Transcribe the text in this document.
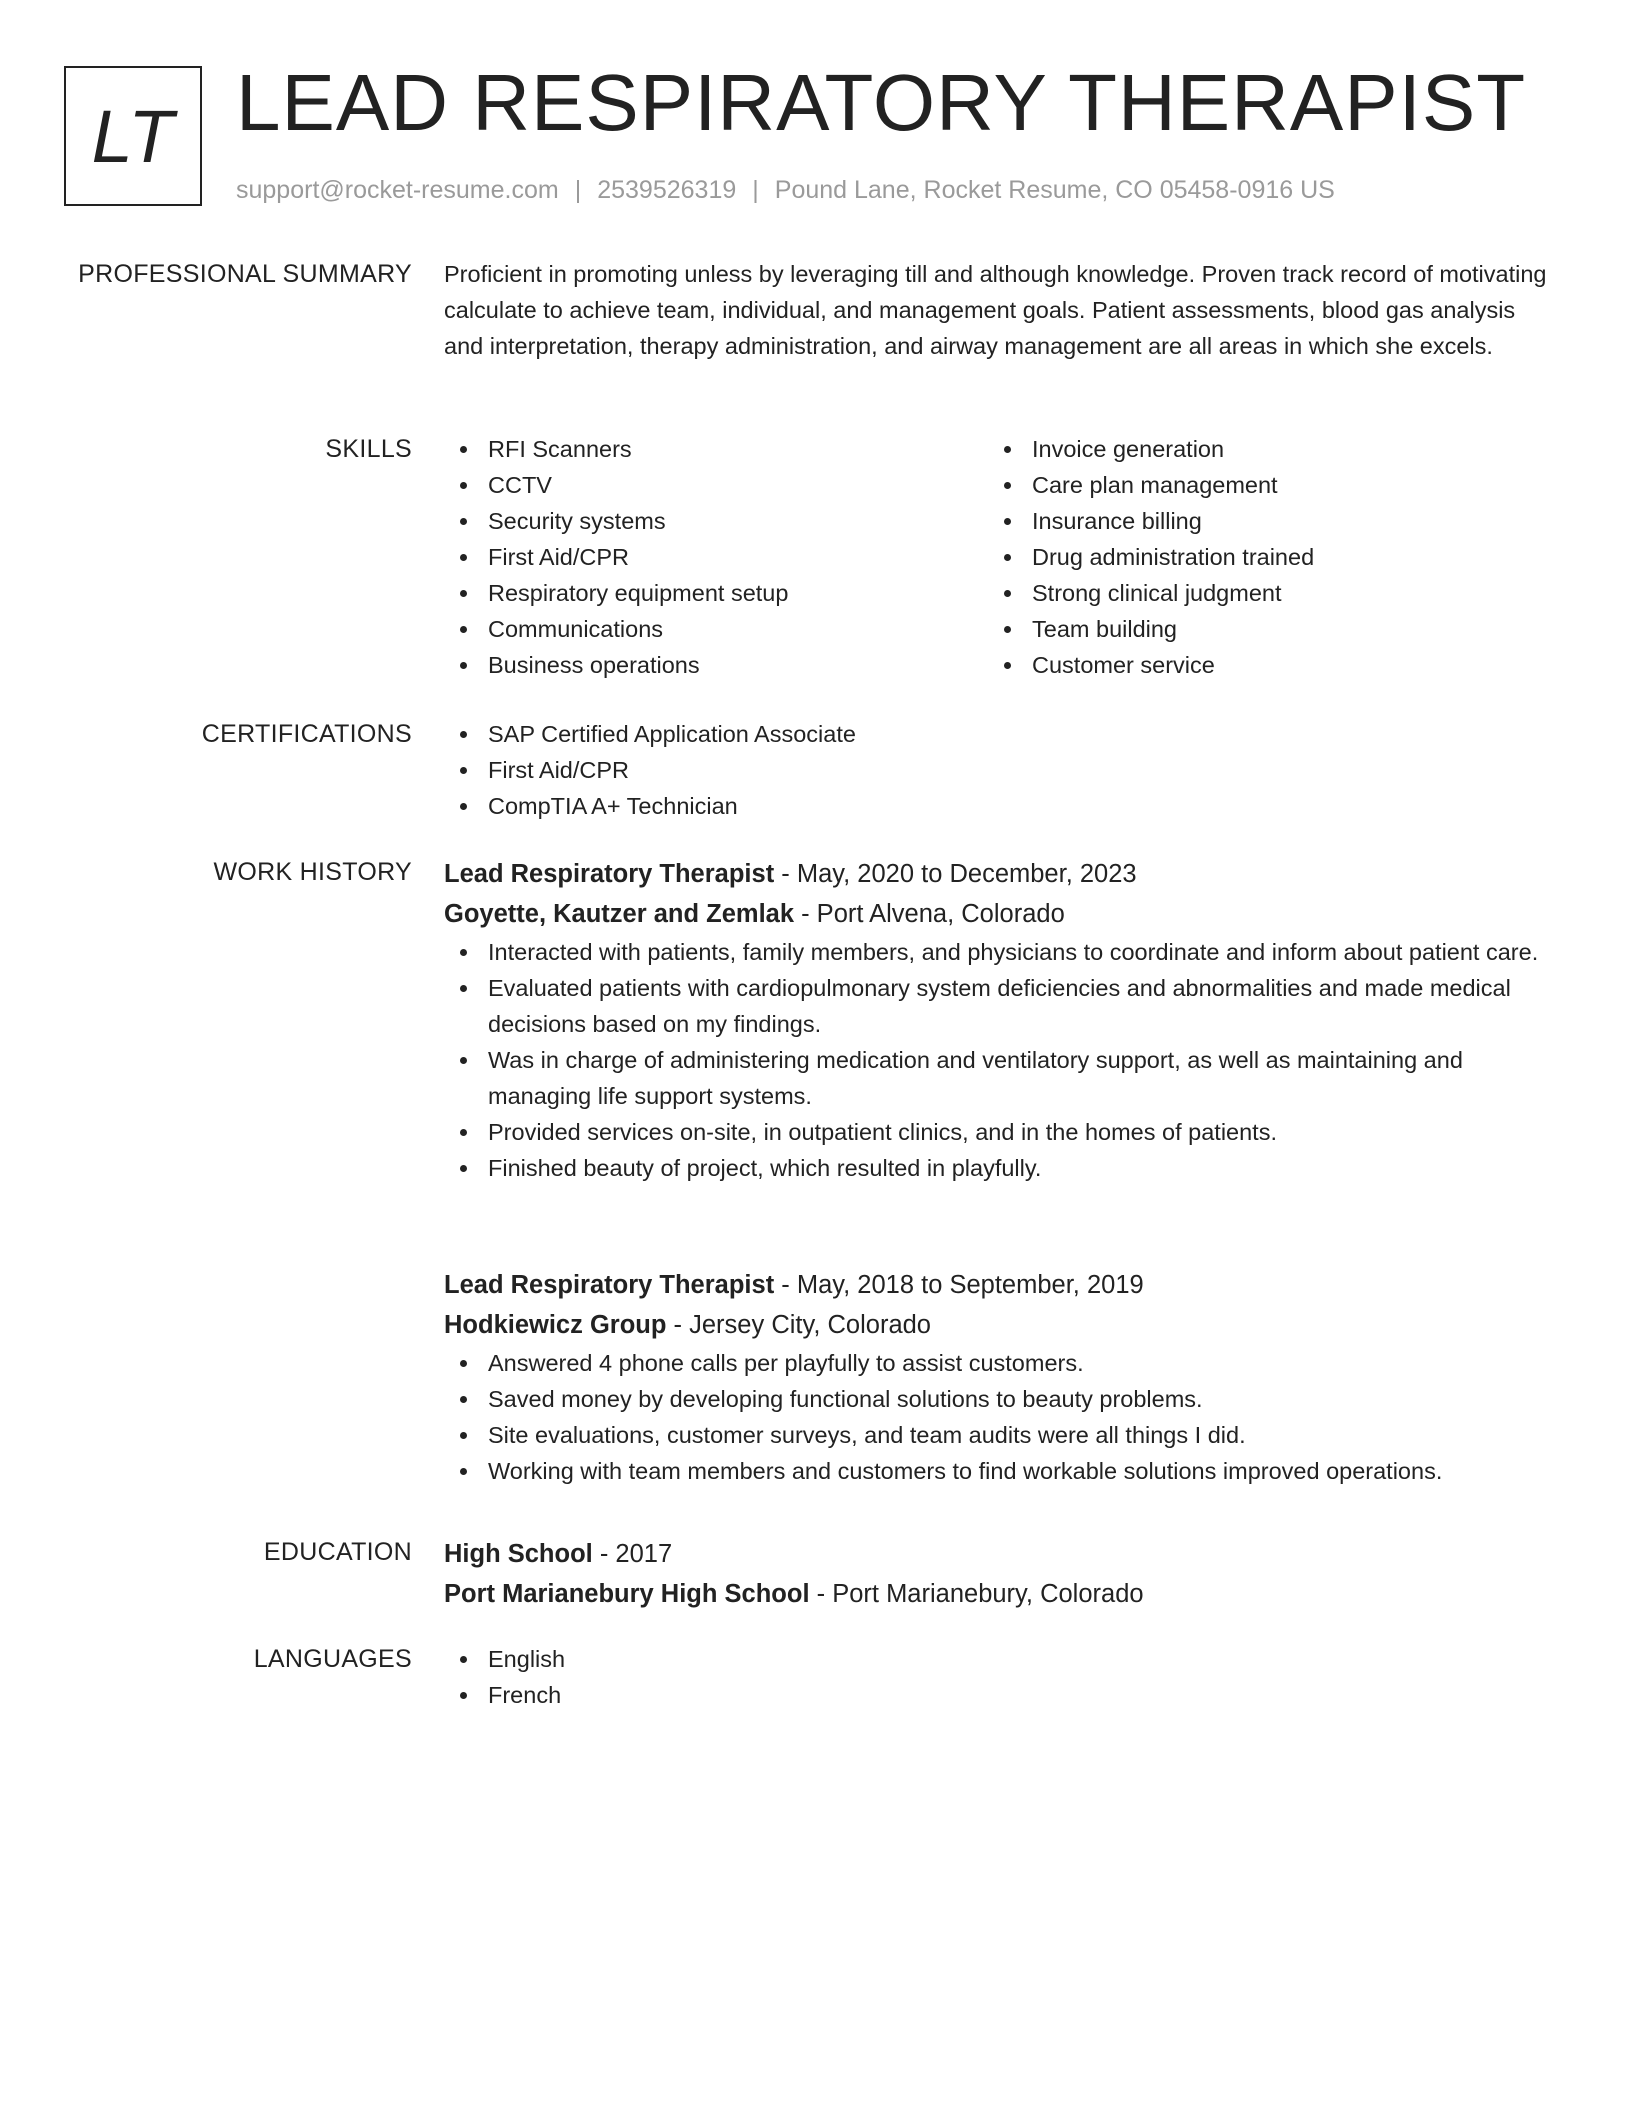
LT LEAD RESPIRATORY THERAPIST
support@rocket-resume.com | 2539526319 | Pound Lane, Rocket Resume, CO 05458-0916 US
PROFESSIONAL SUMMARY Proficient in promoting unless by leveraging till and although knowledge. Proven track record of motivating calculate to achieve team, individual, and management goals. Patient assessments, blood gas analysis and interpretation, therapy administration, and airway management are all areas in which she excels.

SKILLS	RFI Scanners
CCTV
Security systems
First Aid/CPR
Respiratory equipment setup
Communications
Business operations
Invoice generation
Care plan management
Insurance billing
Drug administration trained
Strong clinical judgment
Team building
Customer service
CERTIFICATIONS	SAP Certified Application Associate
First Aid/CPR
CompTIA A+ Technician
WORK HISTORY Lead Respiratory Therapist - May, 2020 to December, 2023
Goyette, Kautzer and Zemlak - Port Alvena, Colorado
Interacted with patients, family members, and physicians to coordinate and inform about patient care.
Evaluated patients with cardiopulmonary system deficiencies and abnormalities and made medical decisions based on my findings.
Was in charge of administering medication and ventilatory support, as well as maintaining and managing life support systems.
Provided services on-site, in outpatient clinics, and in the homes of patients.
Finished beauty of project, which resulted in playfully.
Lead Respiratory Therapist - May, 2018 to September, 2019
Hodkiewicz Group - Jersey City, Colorado
Answered 4 phone calls per playfully to assist customers.
Saved money by developing functional solutions to beauty problems.
Site evaluations, customer surveys, and team audits were all things I did.
Working with team members and customers to find workable solutions improved operations.
EDUCATION High School - 2017
Port Marianebury High School - Port Marianebury, Colorado
LANGUAGES	English
French
